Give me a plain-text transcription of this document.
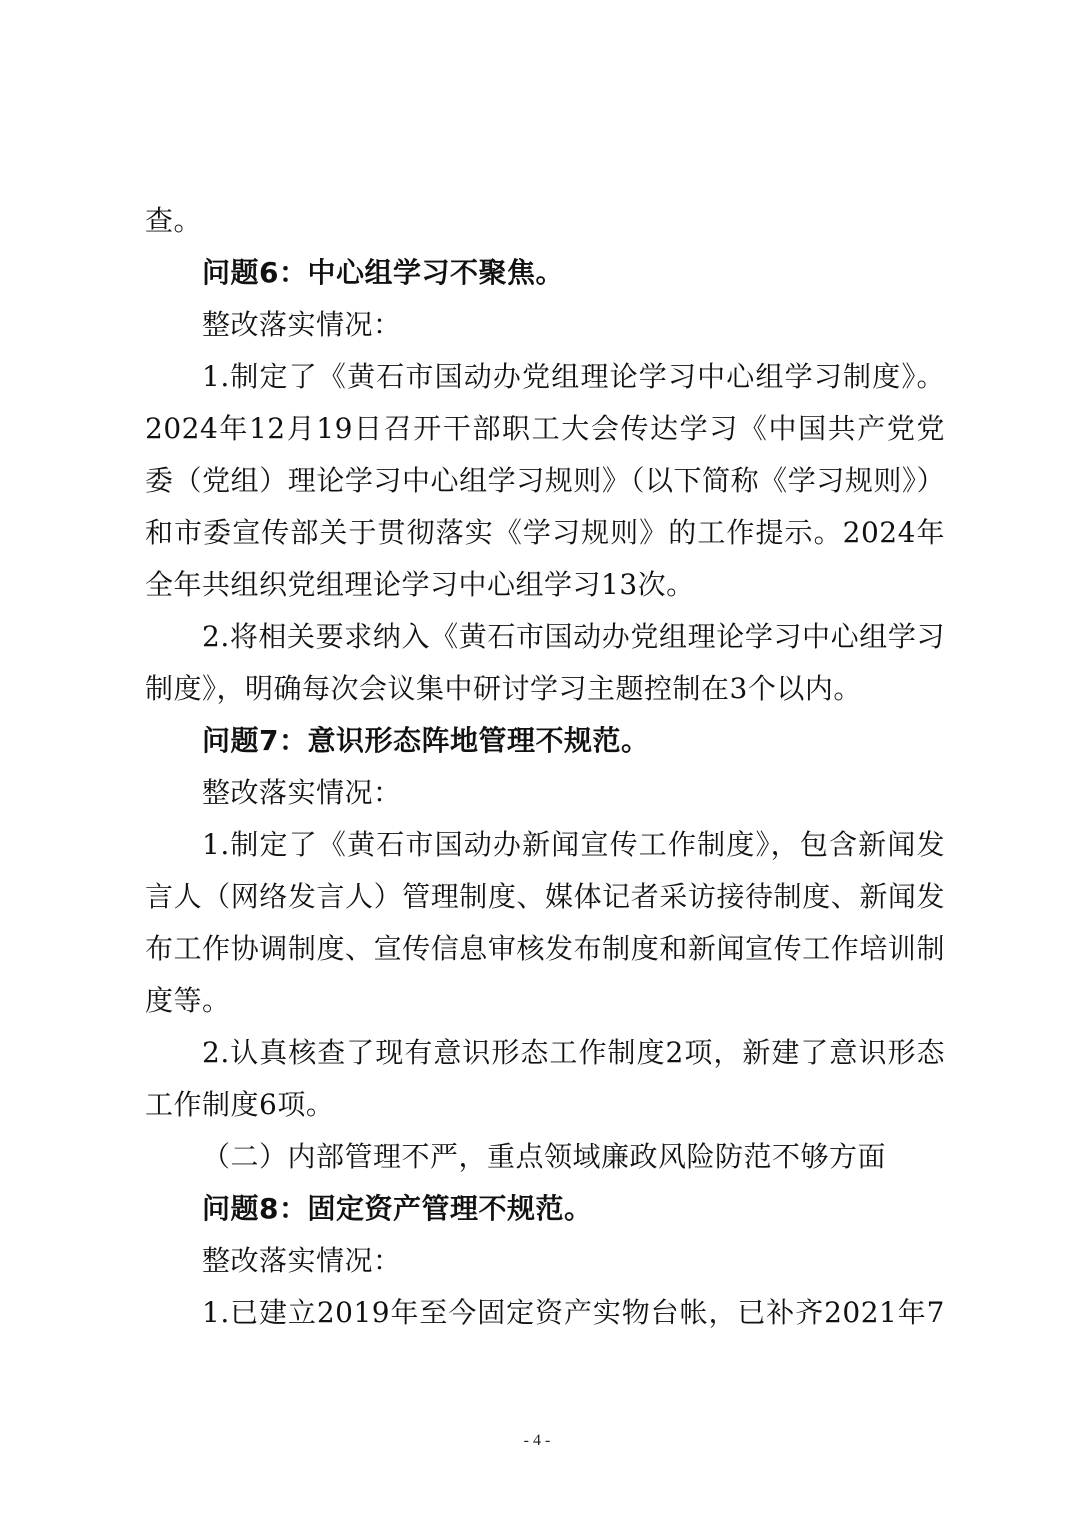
查。
问题6：中心组学习不聚焦。
整改落实情况：
1.制定了《黄石市国动办党组理论学习中心组学习制度》。
2024年12月19日召开干部职工大会传达学习《中国共产党党
委（党组）理论学习中心组学习规则》（以下简称《学习规则》）
和市委宣传部关于贯彻落实《学习规则》的工作提示。2024年
全年共组织党组理论学习中心组学习13次。
2.将相关要求纳入《黄石市国动办党组理论学习中心组学习
制度》，明确每次会议集中研讨学习主题控制在3个以内。
问题7：意识形态阵地管理不规范。
整改落实情况：
1.制定了《黄石市国动办新闻宣传工作制度》，包含新闻发
言人（网络发言人）管理制度、媒体记者采访接待制度、新闻发
布工作协调制度、宣传信息审核发布制度和新闻宣传工作培训制
度等。
2.认真核查了现有意识形态工作制度2项，新建了意识形态
工作制度6项。
（二）内部管理不严，重点领域廉政风险防范不够方面
问题8：固定资产管理不规范。
整改落实情况：
1.已建立2019年至今固定资产实物台帐，已补齐2021年7
- 4 -
